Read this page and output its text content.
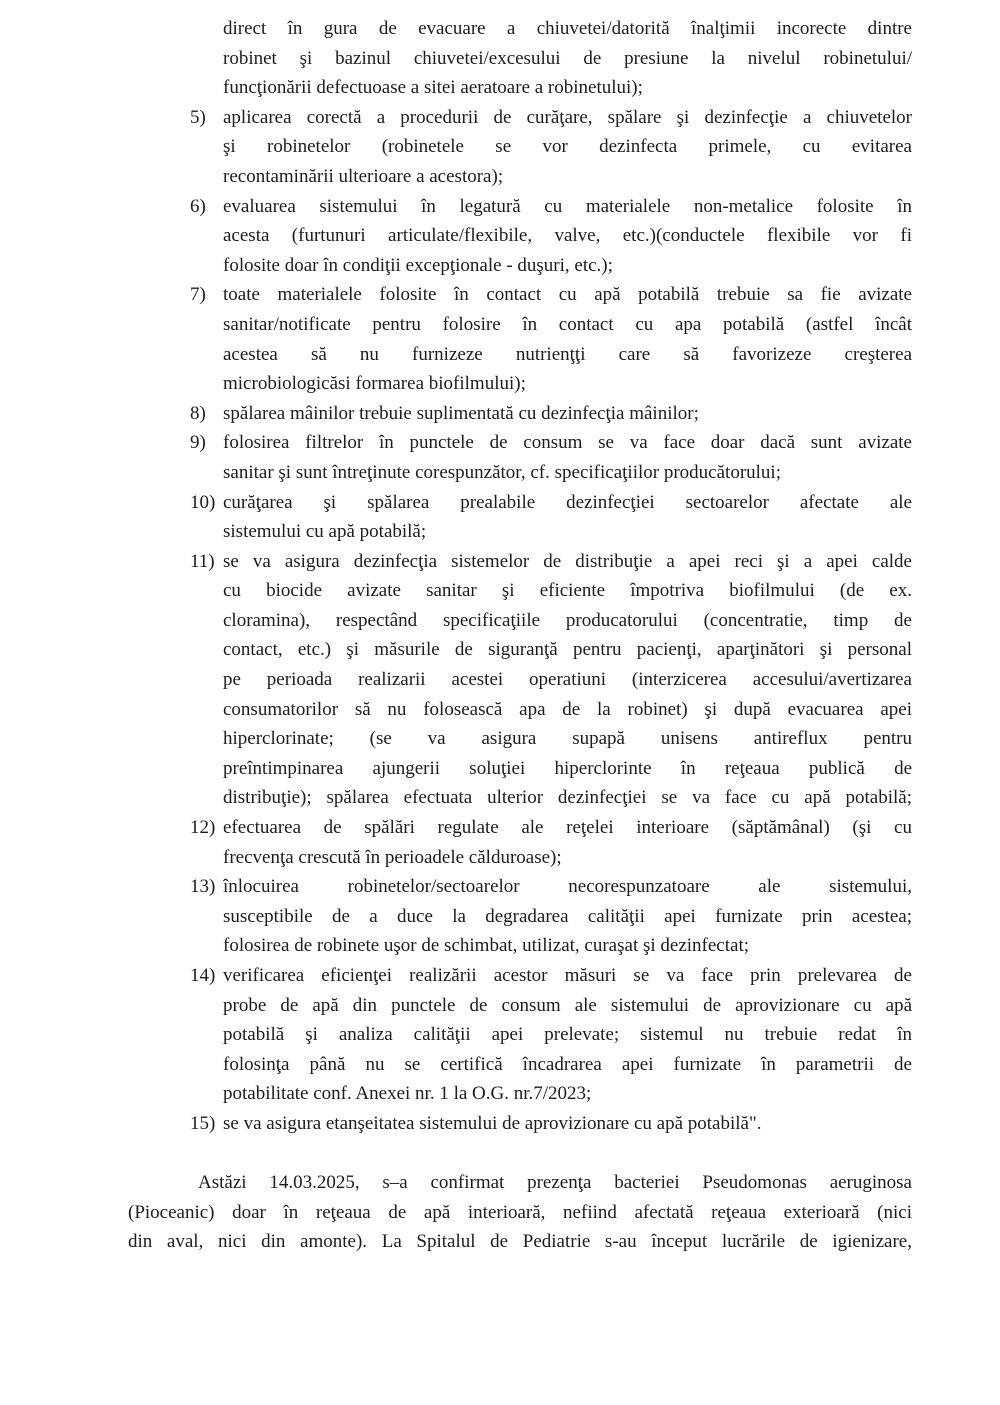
direct în gura de evacuare a chiuvetei/datorită înalţimii incorecte dintre
robinet şi bazinul chiuvetei/excesului de presiune la nivelul robinetului/
funcţionării defectuoase a sitei aeratoare a robinetului);
5) aplicarea corectă a procedurii de curăţare, spălare şi dezinfecţie a chiuvetelor
şi robinetelor (robinetele se vor dezinfecta primele, cu evitarea
recontaminării ulterioare a acestora);
6) evaluarea sistemului în legatură cu materialele non-metalice folosite în
acesta (furtunuri articulate/flexibile, valve, etc.)(conductele flexibile vor fi
folosite doar în condiţii excepţionale - duşuri, etc.);
7) toate materialele folosite în contact cu apă potabilă trebuie sa fie avizate
sanitar/notificate pentru folosire în contact cu apa potabilă (astfel încât
acestea să nu furnizeze nutrienţţi care să favorizeze creşterea
microbiologicăsi formarea biofilmului);
8) spălarea mâinilor trebuie suplimentată cu dezinfecţia mâinilor;
9) folosirea filtrelor în punctele de consum se va face doar dacă sunt avizate
sanitar şi sunt întreţinute corespunzător, cf. specificaţiilor producătorului;
10) curăţarea şi spălarea prealabile dezinfecţiei sectoarelor afectate ale
sistemului cu apă potabilă;
11) se va asigura dezinfecţia sistemelor de distribuţie a apei reci şi a apei calde
cu biocide avizate sanitar şi eficiente împotriva biofilmului (de ex.
cloramina), respectând specificaţiile producatorului (concentratie, timp de
contact, etc.) şi măsurile de siguranţă pentru pacienţi, aparţinători şi personal
pe perioada realizarii acestei operatiuni (interzicerea accesului/avertizarea
consumatorilor să nu folosească apa de la robinet) şi după evacuarea apei
hiperclorinate; (se va asigura supapă unisens antireflux pentru
preîntimpinarea ajungerii soluţiei hiperclorinte în reţeaua publică de
distribuţie); spălarea efectuata ulterior dezinfecţiei se va face cu apă potabilă;
12) efectuarea de spălări regulate ale reţelei interioare (săptămânal) (şi cu
frecvenţa crescută în perioadele călduroase);
13) înlocuirea robinetelor/sectoarelor necorespunzatoare ale sistemului,
susceptibile de a duce la degradarea calităţii apei furnizate prin acestea;
folosirea de robinete uşor de schimbat, utilizat, curaşat şi dezinfectat;
14) verificarea eficienţei realizării acestor măsuri se va face prin prelevarea de
probe de apă din punctele de consum ale sistemului de aprovizionare cu apă
potabilă şi analiza calităţii apei prelevate; sistemul nu trebuie redat în
folosinţa până nu se certifică încadrarea apei furnizate în parametrii de
potabilitate conf. Anexei nr. 1 la O.G. nr.7/2023;
15) se va asigura etanşeitatea sistemului de aprovizionare cu apă potabilă".
Astăzi 14.03.2025, s–a confirmat prezenţa bacteriei Pseudomonas aeruginosa
(Pioceanic) doar în reţeaua de apă interioară, nefiind afectată reţeaua exterioară (nici
din aval, nici din amonte). La Spitalul de Pediatrie s-au început lucrările de igienizare,
